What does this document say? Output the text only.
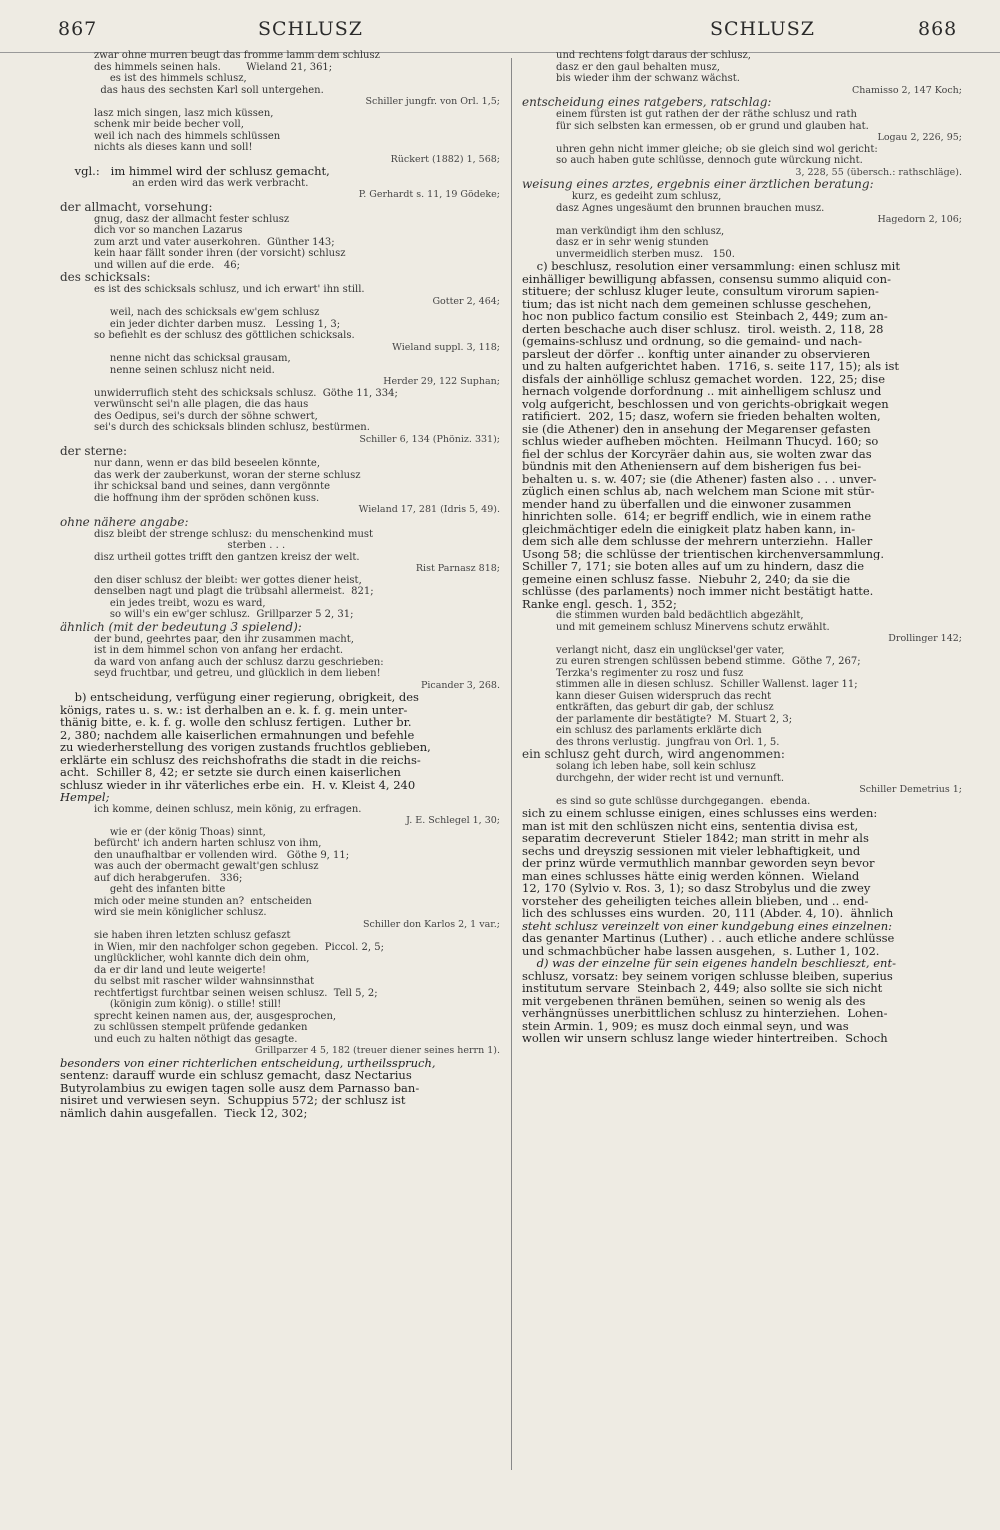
867	SCHLUSZ	SCHLUSZ	868
zwar ohne murren beugt das fromme lamm dem schlusz
des himmels seinen hals.        Wieland 21, 361;
es ist des himmels schlusz,
das haus des sechsten Karl soll untergehen.
Schiller jungfr. von Orl. 1,5;
lasz mich singen, lasz mich küssen,
schenk mir beide becher voll,
weil ich nach des himmels schlüssen
nichts als dieses kann und soll!
Rückert (1882) 1, 568;
vgl.:   im himmel wird der schlusz gemacht,
an erden wird das werk verbracht.
P. Gerhardt s. 11, 19 Gödeke;
der allmacht, vorsehung:
gnug, dasz der allmacht fester schlusz
dich vor so manchen Lazarus
zum arzt und vater auserkohren.  Günther 143;
kein haar fällt sonder ihren (der vorsicht) schlusz
und willen auf die erde.   46;
des schicksals:
es ist des schicksals schlusz, und ich erwart' ihn still.
Gotter 2, 464;
weil, nach des schicksals ew'gem schlusz
ein jeder dichter darben musz.   Lessing 1, 3;
so befiehlt es der schlusz des göttlichen schicksals.
Wieland suppl. 3, 118;
nenne nicht das schicksal grausam,
nenne seinen schlusz nicht neid.
Herder 29, 122 Suphan;
unwiderruflich steht des schicksals schlusz.  Göthe 11, 334;
verwünscht sei'n alle plagen, die das haus
des Oedipus, sei's durch der söhne schwert,
sei's durch des schicksals blinden schlusz, bestürmen.
Schiller 6, 134 (Phöniz. 331);
der sterne:
nur dann, wenn er das bild beseelen könnte,
das werk der zauberkunst, woran der sterne schlusz
ihr schicksal band und seines, dann vergönnte
die hoffnung ihm der spröden schönen kuss.
Wieland 17, 281 (Idris 5, 49).
ohne nähere angabe:
disz bleibt der strenge schlusz: du menschenkind must
sterben . . .
disz urtheil gottes trifft den gantzen kreisz der welt.
Rist Parnasz 818;
den diser schlusz der bleibt: wer gottes diener heist,
denselben nagt und plagt die trübsahl allermeist.  821;
ein jedes treibt, wozu es ward,
so will's ein ew'ger schlusz.  Grillparzer 5 2, 31;
ähnlich (mit der bedeutung 3 spielend):
der bund, geehrtes paar, den ihr zusammen macht,
ist in dem himmel schon von anfang her erdacht.
da ward von anfang auch der schlusz darzu geschrieben:
seyd fruchtbar, und getreu, und glücklich in dem lieben!
Picander 3, 268.
b) entscheidung, verfügung einer regierung, obrigkeit, des
königs, rates u. s. w.: ist derhalben an e. k. f. g. mein unter-
thänig bitte, e. k. f. g. wolle den schlusz fertigen.  Luther br.
2, 380; nachdem alle kaiserlichen ermahnungen und befehle
zu wiederherstellung des vorigen zustands fruchtlos geblieben,
erklärte ein schlusz des reichshofraths die stadt in die reichs-
acht.  Schiller 8, 42; er setzte sie durch einen kaiserlichen
schlusz wieder in ihr väterliches erbe ein.  H. v. Kleist 4, 240
Hempel;
ich komme, deinen schlusz, mein könig, zu erfragen.
J. E. Schlegel 1, 30;
wie er (der könig Thoas) sinnt,
befürcht' ich andern harten schlusz von ihm,
den unaufhaltbar er vollenden wird.   Göthe 9, 11;
was auch der obermacht gewalt'gen schlusz
auf dich herabgerufen.   336;
geht des infanten bitte
mich oder meine stunden an?  entscheiden
wird sie mein königlicher schlusz.
Schiller don Karlos 2, 1 var.;
sie haben ihren letzten schlusz gefaszt
in Wien, mir den nachfolger schon gegeben.  Piccol. 2, 5;
unglücklicher, wohl kannte dich dein ohm,
da er dir land und leute weigerte!
du selbst mit rascher wilder wahnsinnsthat
rechtfertigst furchtbar seinen weisen schlusz.  Tell 5, 2;
(königin zum könig). o stille! still!
sprecht keinen namen aus, der, ausgesprochen,
zu schlüssen stempelt prüfende gedanken
und euch zu halten nöthigt das gesagte.
Grillparzer 4 5, 182 (treuer diener seines herrn 1).
besonders von einer richterlichen entscheidung, urtheilsspruch,
sentenz: darauff wurde ein schlusz gemacht, dasz Nectarius
Butyrolambius zu ewigen tagen solle ausz dem Parnasso ban-
nisiret und verwiesen seyn.  Schuppius 572; der schlusz ist
nämlich dahin ausgefallen.  Tieck 12, 302;
und rechtens folgt daraus der schlusz,
dasz er den gaul behalten musz,
bis wieder ihm der schwanz wächst.
Chamisso 2, 147 Koch;
entscheidung eines ratgebers, ratschlag:
einem fürsten ist gut rathen der der räthe schlusz und rath
für sich selbsten kan ermessen, ob er grund und glauben hat.
Logau 2, 226, 95;
uhren gehn nicht immer gleiche; ob sie gleich sind wol gericht:
so auch haben gute schlüsse, dennoch gute würckung nicht.
3, 228, 55 (übersch.: rathschläge).
weisung eines arztes, ergebnis einer ärztlichen beratung:
kurz, es gedeiht zum schlusz,
dasz Agnes ungesäumt den brunnen brauchen musz.
Hagedorn 2, 106;
man verkündigt ihm den schlusz,
dasz er in sehr wenig stunden
unvermeidlich sterben musz.   150.
c) beschlusz, resolution einer versammlung: einen schlusz mit
einhälliger bewilligung abfassen, consensu summo aliquid con-
stituere; der schlusz kluger leute, consultum virorum sapien-
tium; das ist nicht nach dem gemeinen schlusse geschehen,
hoc non publico factum consilio est  Steinbach 2, 449; zum an-
derten beschache auch diser schlusz.  tirol. weisth. 2, 118, 28
(gemains-schlusz und ordnung, so die gemaind- und nach-
parsleut der dörfer .. konftig unter ainander zu observieren
und zu halten aufgerichtet haben.  1716, s. seite 117, 15); als ist
disfals der ainhöllige schlusz gemachet worden.  122, 25; dise
hernach volgende dorfordnung .. mit ainhelligem schlusz und
volg aufgericht, beschlossen und von gerichts-obrigkait wegen
ratificiert.  202, 15; dasz, wofern sie frieden behalten wolten,
sie (die Athener) den in ansehung der Megarenser gefasten
schlus wieder aufheben möchten.  Heilmann Thucyd. 160; so
fiel der schlus der Korcyräer dahin aus, sie wolten zwar das
bündnis mit den Atheniensern auf dem bisherigen fus bei-
behalten u. s. w. 407; sie (die Athener) fasten also . . . unver-
züglich einen schlus ab, nach welchem man Scione mit stür-
mender hand zu überfallen und die einwoner zusammen
hinrichten solle.  614; er begriff endlich, wie in einem rathe
gleichmächtiger edeln die einigkeit platz haben kann, in-
dem sich alle dem schlusse der mehrern unterziehn.  Haller
Usong 58; die schlüsse der trientischen kirchenversammlung.
Schiller 7, 171; sie boten alles auf um zu hindern, dasz die
gemeine einen schlusz fasse.  Niebuhr 2, 240; da sie die
schlüsse (des parlaments) noch immer nicht bestätigt hatte.
Ranke engl. gesch. 1, 352;
die stimmen wurden bald bedächtlich abgezählt,
und mit gemeinem schlusz Minervens schutz erwählt.
Drollinger 142;
verlangt nicht, dasz ein unglücksel'ger vater,
zu euren strengen schlüssen bebend stimme.  Göthe 7, 267;
Terzka's regimenter zu rosz und fusz
stimmen alle in diesen schlusz.  Schiller Wallenst. lager 11;
kann dieser Guisen widerspruch das recht
entkräften, das geburt dir gab, der schlusz
der parlamente dir bestätigte?  M. Stuart 2, 3;
ein schlusz des parlaments erklärte dich
des throns verlustig.  jungfrau von Orl. 1, 5.
ein schlusz geht durch, wird angenommen:
solang ich leben habe, soll kein schlusz
durchgehn, der wider recht ist und vernunft.
Schiller Demetrius 1;
es sind so gute schlüsse durchgegangen.  ebenda.
sich zu einem schlusse einigen, eines schlusses eins werden:
man ist mit den schlüszen nicht eins, sententia divisa est,
separatim decreverunt  Stieler 1842; man stritt in mehr als
sechs und dreyszig sessionen mit vieler lebhaftigkeit, und
der prinz würde vermuthlich mannbar geworden seyn bevor
man eines schlusses hätte einig werden können.  Wieland
12, 170 (Sylvio v. Ros. 3, 1); so dasz Strobylus und die zwey
vorsteher des geheiligten teiches allein blieben, und .. end-
lich des schlusses eins wurden.  20, 111 (Abder. 4, 10).  ähnlich
steht schlusz vereinzelt von einer kundgebung eines einzelnen:
das genanter Martinus (Luther) . . auch etliche andere schlüsse
und schmachbücher habe lassen ausgehen,  s. Luther 1, 102.
d) was der einzelne für sein eigenes handeln beschlieszt, ent-
schlusz, vorsatz: bey seinem vorigen schlusse bleiben, superius
institutum servare  Steinbach 2, 449; also sollte sie sich nicht
mit vergebenen thränen bemühen, seinen so wenig als des
verhängnüsses unerbittlichen schlusz zu hinterziehen.  Lohen-
stein Armin. 1, 909; es musz doch einmal seyn, und was
wollen wir unsern schlusz lange wieder hintertreiben.  Schoch
